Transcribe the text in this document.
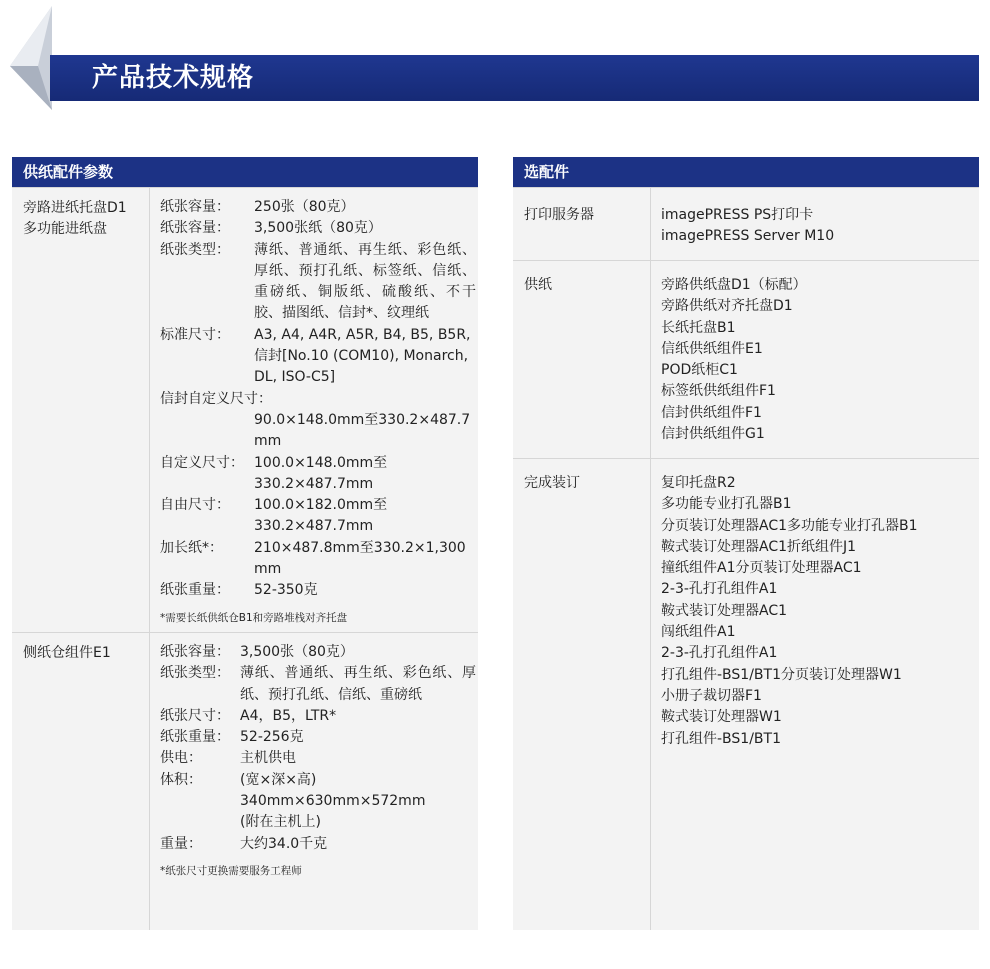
产品技术规格
供纸配件参数
旁路进纸托盘D1
多功能进纸盘
纸张容量：	250张（80克）
纸张容量：	3,500张纸（80克）
纸张类型：	薄纸、普通纸、再生纸、彩色纸、厚纸、预打孔纸、标签纸、信纸、重磅纸、铜版纸、硫酸纸、不干胶、描图纸、信封*、纹理纸
标准尺寸：	A3, A4, A4R, A5R, B4, B5, B5R, 信封[No.10 (COM10), Monarch, DL, ISO-C5]
信封自定义尺寸：
90.0×148.0mm至330.2×487.7 mm
自定义尺寸： 100.0×148.0mm至330.2×487.7mm
自由尺寸：	100.0×182.0mm至330.2×487.7mm
加长纸*：	210×487.8mm至330.2×1,300 mm
纸张重量：	52-350克
*需要长纸供纸仓B1和旁路堆栈对齐托盘
侧纸仓组件E1	纸张容量： 3,500张（80克）
纸张类型： 薄纸、普通纸、再生纸、彩色纸、厚纸、预打孔纸、信纸、重磅纸
纸张尺寸： A4，B5，LTR*
纸张重量： 52-256克
供电：	主机供电
体积：	(宽×深×高) 340mm×630mm×572mm (附在主机上)
重量：	大约34.0千克
*纸张尺寸更换需要服务工程师
选配件
打印服务器	imagePRESS PS打印卡
imagePRESS Server M10
供纸	旁路供纸盘D1（标配）
旁路供纸对齐托盘D1
长纸托盘B1
信纸供纸组件E1
POD纸柜C1
标签纸供纸组件F1
信封供纸组件F1
信封供纸组件G1
完成装订	复印托盘R2
多功能专业打孔器B1
分页装订处理器AC1多功能专业打孔器B1
鞍式装订处理器AC1折纸组件J1
撞纸组件A1分页装订处理器AC1
2-3-孔打孔组件A1
鞍式装订处理器AC1
闯纸组件A1
2-3-孔打孔组件A1
打孔组件-BS1/BT1分页装订处理器W1
小册子裁切器F1
鞍式装订处理器W1
打孔组件-BS1/BT1
